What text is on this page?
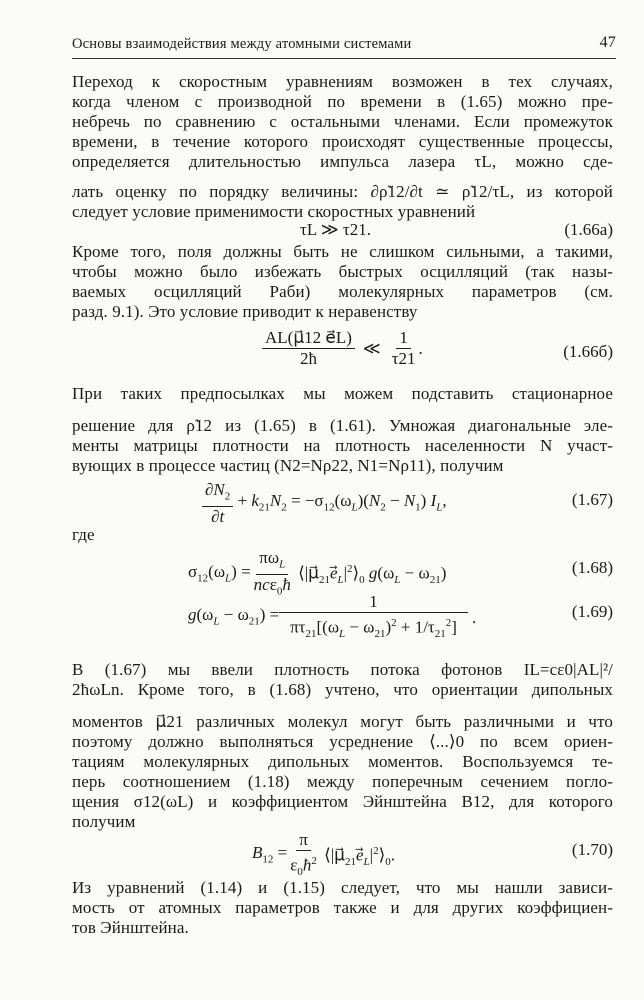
Основы взаимодействия между атомными системами	47
Переход к скоростным уравнениям возможен в тех случаях,
когда членом с производной по времени в (1.65) можно пре-
небречь по сравнению с остальными членами. Если промежуток
времени, в течение которого происходят существенные процессы,
определяется длительностью импульса лазера τL, можно сде-
лать оценку по порядку величины: ∂ρ̃12/∂t ≃ ρ̃12/τL, из которой
следует условие применимости скоростных уравнений
τL ≫ τ21.	(1.66а)
Кроме того, поля должны быть не слишком сильными, а такими,
чтобы можно было избежать быстрых осцилляций (так назы-
ваемых осцилляций Раби) молекулярных параметров (см.
разд. 9.1). Это условие приводит к неравенству
$\frac{AL(\mu⃗12 e⃗L)}{2ħ}$ ≪ $\frac{1}{\tau 21}$ .	(1.66б)
При таких предпосылках мы можем подставить стационарное
решение для ρ̃12 из (1.65) в (1.61). Умножая диагональные эле-
менты матрицы плотности на плотность населенности N участ-
вующих в процессе частиц (N2=Nρ22, N1=Nρ11), получим
$\frac{\partial N_2}{\partial t} + k_{21}N_2 = -\sigma_{12}(\omega_L)(N_2 - N_1)$ $I_L$,	(1.67)
где
$\sigma_{12}(\omega_L) = \frac{\pi\omega_L}{nc\varepsilon_0ħ}$ $⟨|\mu⃗_{21}e_L|^2⟩_0$ $g(\omega_L - \omega_{21})$	(1.68)
$g(\omega_L - \omega_{21}) = \frac{1}{\pi\tau_{21}[(\omega_L - \omega_{21})^2 + 1/\tau_{21}^2]}$ .	(1.69)
В (1.67) мы ввели плотность потока фотонов IL=cε0|AL|²/
2ħωLn. Кроме того, в (1.68) учтено, что ориентации дипольных
моментов μ⃗21 различных молекул могут быть различными и что
поэтому должно выполняться усреднение ⟨...⟩0 по всем ориен-
тациям молекулярных дипольных моментов. Воспользуемся те-
перь соотношением (1.18) между поперечным сечением погло-
щения σ12(ωL) и коэффициентом Эйнштейна B12, для которого
получим
$B_{12} = \frac{\pi}{\varepsilon_0ħ^2}$ $⟨|\mu⃗_{21}e_L|^2⟩_0$.	(1.70)
Из уравнений (1.14) и (1.15) следует, что мы нашли зависи-
мость от атомных параметров также и для других коэффициен-
тов Эйнштейна.
